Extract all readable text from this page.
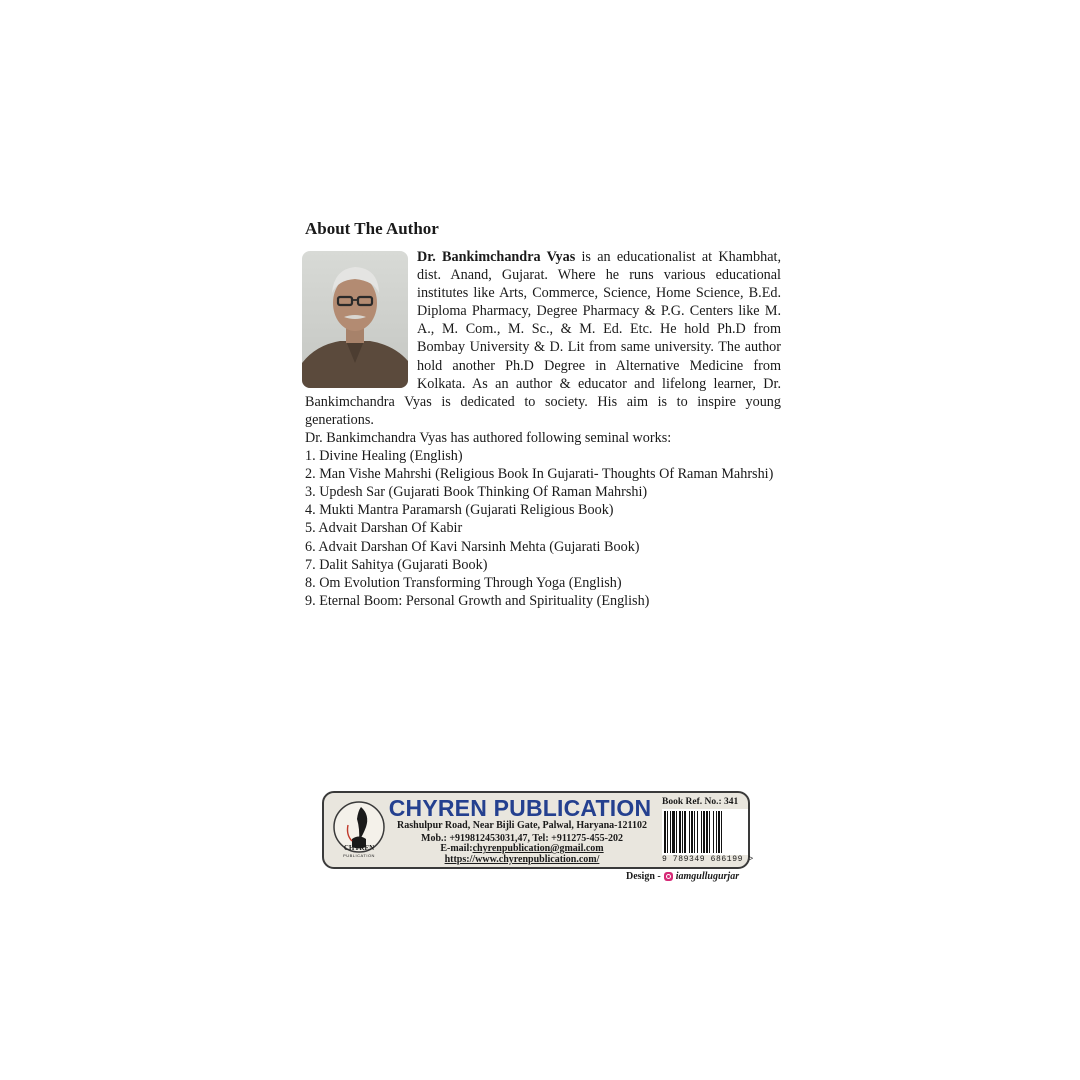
About The Author

Dr. Bankimchandra Vyas is an educationalist at Khambhat, dist. Anand, Gujarat. Where he runs various educational institutes like Arts, Commerce, Science, Home Science, B.Ed. Diploma Pharmacy, Degree Pharmacy & P.G. Centers like M. A., M. Com., M. Sc., & M. Ed. Etc. He hold Ph.D from Bombay University & D. Lit from same university. The author hold another Ph.D Degree in Alternative Medicine from Kolkata. As an author & educator and lifelong learner, Dr. Bankimchandra Vyas is dedicated to society. His aim is to inspire young generations.

Dr. Bankimchandra Vyas has authored following seminal works:

1. Divine Healing (English)
2. Man Vishe Mahrshi (Religious Book In Gujarati- Thoughts Of Raman Mahrshi)
3. Updesh Sar (Gujarati Book Thinking Of Raman Mahrshi)
4. Mukti Mantra Paramarsh (Gujarati Religious Book)
5. Advait Darshan Of Kabir
6. Advait Darshan Of Kavi Narsinh Mehta (Gujarati Book)
7. Dalit Sahitya (Gujarati Book)
8. Om Evolution Transforming Through Yoga (English)
9. Eternal Boom: Personal Growth and Spirituality (English)
CHYREN
PUBLICATION
CHYREN PUBLICATION
Rashulpur Road, Near Bijli Gate, Palwal, Haryana-121102
Mob.: +919812453031,47, Tel: +911275-455-202
E-mail:chyrenpublication@gmail.com
https://www.chyrenpublication.com/
Book Ref. No.: 341
9 789349 686199 >
Design - iamgullugurjar
